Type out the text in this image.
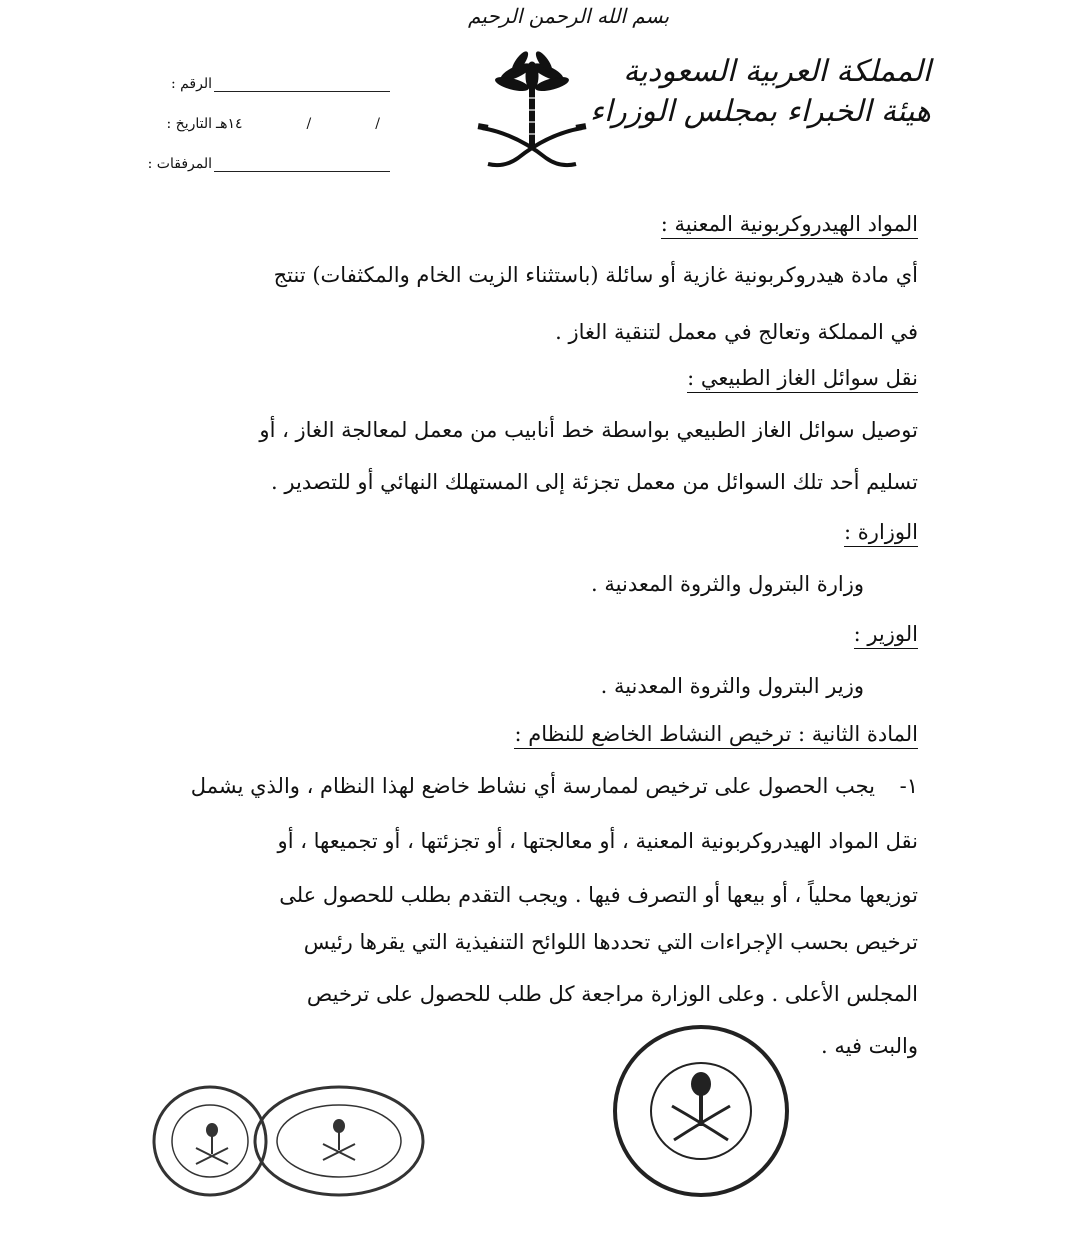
بسم الله الرحمن الرحيم
المملكة العربية السعودية
هيئة الخبراء بمجلس الوزراء
الرقم :
التاريخ : ١٤هـ	/	/
المرفقات :
المواد الهيدروكربونية المعنية :
أي مادة هيدروكربونية غازية أو سائلة (باستثناء الزيت الخام والمكثفات) تنتج
في المملكة وتعالج في معمل لتنقية الغاز .
نقل سوائل الغاز الطبيعي :
توصيل سوائل الغاز الطبيعي بواسطة خط أنابيب من معمل لمعالجة الغاز ، أو
تسليم أحد تلك السوائل من معمل تجزئة إلى المستهلك النهائي أو للتصدير .
الوزارة :
وزارة البترول والثروة المعدنية .
الوزير :
وزير البترول والثروة المعدنية .
المادة الثانية : ترخيص النشاط الخاضع للنظام :
١-
يجب الحصول على ترخيص لممارسة أي نشاط خاضع لهذا النظام ، والذي يشمل
نقل المواد الهيدروكربونية المعنية ، أو معالجتها ، أو تجزئتها ، أو تجميعها ، أو
توزيعها محلياً ، أو بيعها أو التصرف فيها . ويجب التقدم بطلب للحصول على
ترخيص بحسب الإجراءات التي تحددها اللوائح التنفيذية التي يقرها رئيس
المجلس الأعلى . وعلى الوزارة مراجعة كل طلب للحصول على ترخيص
والبت فيه .
